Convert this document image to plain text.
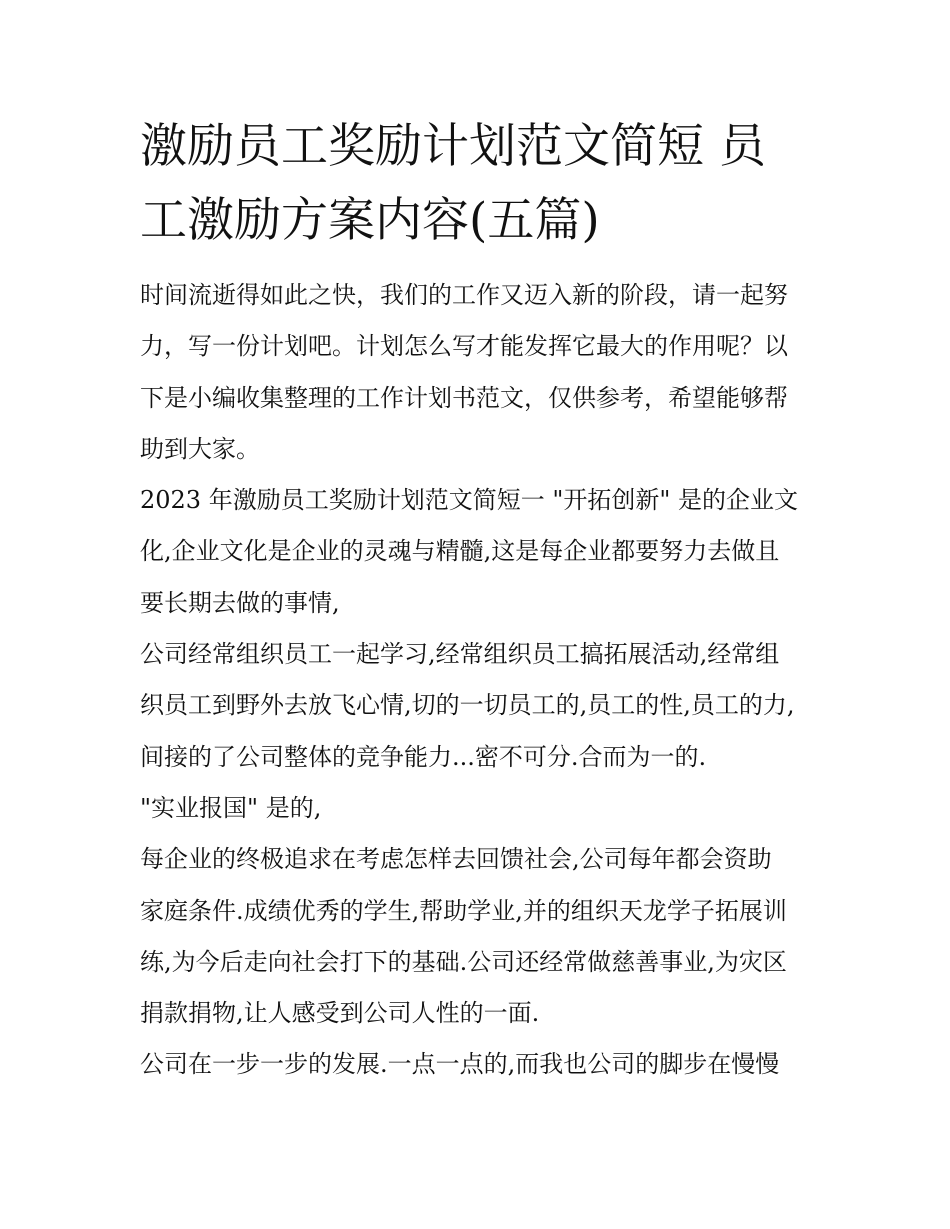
激励员工奖励计划范文简短 员
工激励方案内容(五篇)

时间流逝得如此之快，我们的工作又迈入新的阶段，请一起努
力，写一份计划吧。计划怎么写才能发挥它最大的作用呢？以
下是小编收集整理的工作计划书范文，仅供参考，希望能够帮
助到大家。

2023 年激励员工奖励计划范文简短一 "开拓创新" 是的企业文
化,企业文化是企业的灵魂与精髓,这是每企业都要努力去做且
要长期去做的事情,

公司经常组织员工一起学习,经常组织员工搞拓展活动,经常组
织员工到野外去放飞心情,切的一切员工的,员工的性,员工的力,
间接的了公司整体的竞争能力...密不可分.合而为一的.

"实业报国" 是的,

每企业的终极追求在考虑怎样去回馈社会,公司每年都会资助
家庭条件.成绩优秀的学生,帮助学业,并的组织天龙学子拓展训
练,为今后走向社会打下的基础.公司还经常做慈善事业,为灾区
捐款捐物,让人感受到公司人性的一面.

公司在一步一步的发展.一点一点的,而我也公司的脚步在慢慢
